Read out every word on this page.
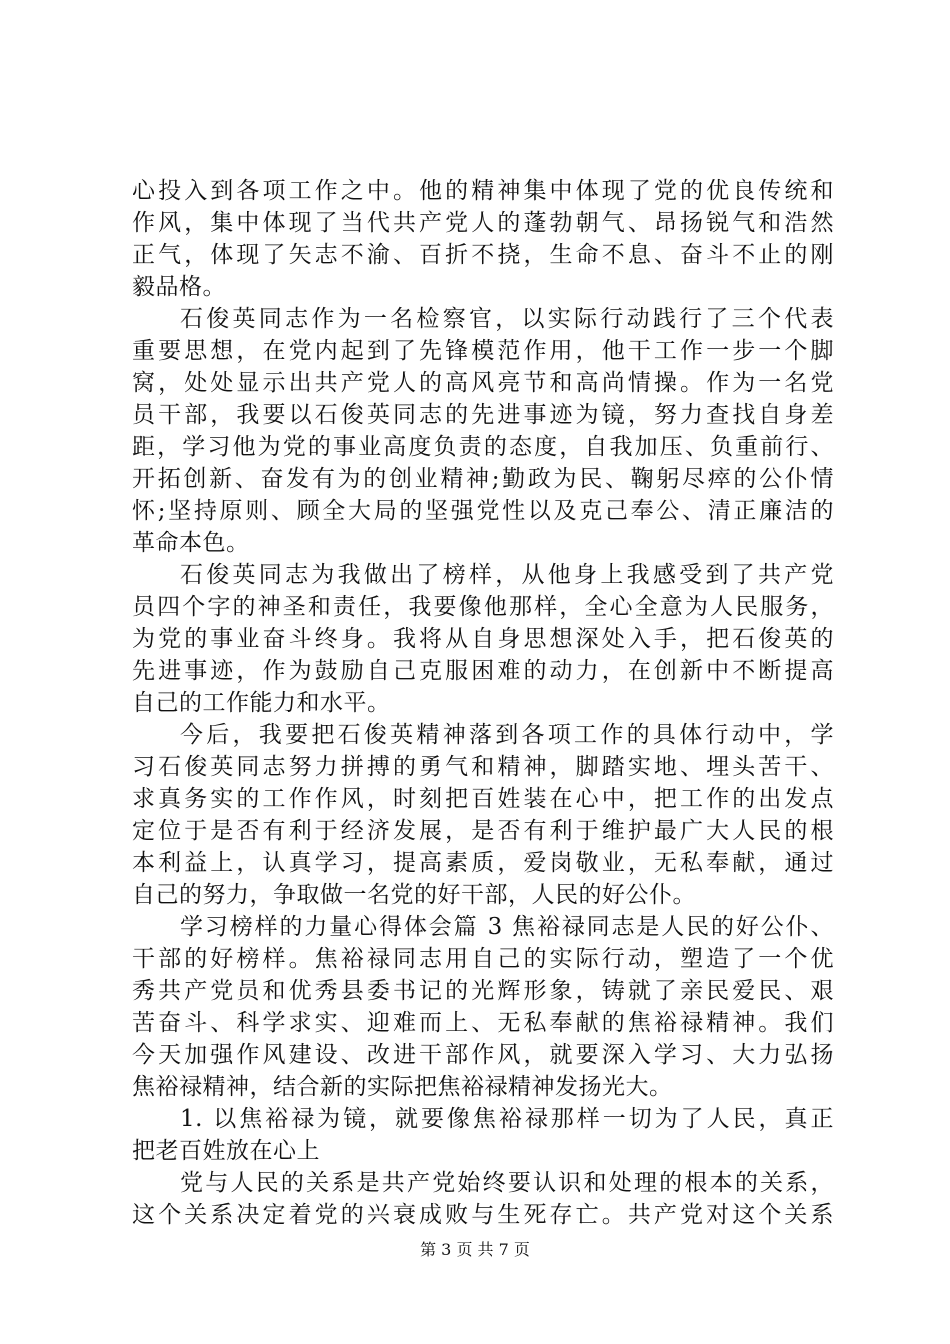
心投入到各项工作之中。他的精神集中体现了党的优良传统和
作风，集中体现了当代共产党人的蓬勃朝气、昂扬锐气和浩然
正气，体现了矢志不渝、百折不挠，生命不息、奋斗不止的刚
毅品格。
石俊英同志作为一名检察官，以实际行动践行了三个代表
重要思想，在党内起到了先锋模范作用，他干工作一步一个脚
窝，处处显示出共产党人的高风亮节和高尚情操。作为一名党
员干部，我要以石俊英同志的先进事迹为镜，努力查找自身差
距，学习他为党的事业高度负责的态度，自我加压、负重前行、
开拓创新、奋发有为的创业精神;勤政为民、鞠躬尽瘁的公仆情
怀;坚持原则、顾全大局的坚强党性以及克己奉公、清正廉洁的
革命本色。
石俊英同志为我做出了榜样，从他身上我感受到了共产党
员四个字的神圣和责任，我要像他那样，全心全意为人民服务，
为党的事业奋斗终身。我将从自身思想深处入手，把石俊英的
先进事迹，作为鼓励自己克服困难的动力，在创新中不断提高
自己的工作能力和水平。
今后，我要把石俊英精神落到各项工作的具体行动中，学
习石俊英同志努力拼搏的勇气和精神，脚踏实地、埋头苦干、
求真务实的工作作风，时刻把百姓装在心中，把工作的出发点
定位于是否有利于经济发展，是否有利于维护最广大人民的根
本利益上，认真学习，提高素质，爱岗敬业，无私奉献，通过
自己的努力，争取做一名党的好干部，人民的好公仆。
学习榜样的力量心得体会篇 3 焦裕禄同志是人民的好公仆、
干部的好榜样。焦裕禄同志用自己的实际行动，塑造了一个优
秀共产党员和优秀县委书记的光辉形象，铸就了亲民爱民、艰
苦奋斗、科学求实、迎难而上、无私奉献的焦裕禄精神。我们
今天加强作风建设、改进干部作风，就要深入学习、大力弘扬
焦裕禄精神，结合新的实际把焦裕禄精神发扬光大。
1. 以焦裕禄为镜，就要像焦裕禄那样一切为了人民，真正
把老百姓放在心上
党与人民的关系是共产党始终要认识和处理的根本的关系，
这个关系决定着党的兴衰成败与生死存亡。共产党对这个关系
第 3 页 共 7 页
